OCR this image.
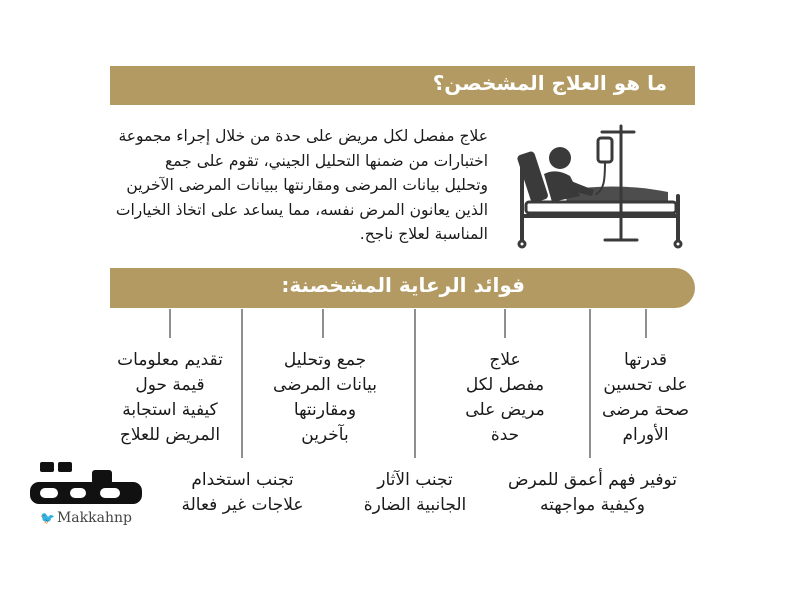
ما هو العلاج المشخصن؟
علاج مفصل لكل مريض على حدة من خلال إجراء مجموعة
اختبارات من ضمنها التحليل الجيني، تقوم على جمع
وتحليل بيانات المرضى ومقارنتها ببيانات المرضى الآخرين
الذين يعانون المرض نفسه، مما يساعد على اتخاذ الخيارات
المناسبة لعلاج ناجح.
فوائد الرعاية المشخصنة:
قدرتها
على تحسين
صحة مرضى
الأورام
علاج
مفصل لكل
مريض على
حدة
جمع وتحليل
بيانات المرضى
ومقارنتها
بآخرين
تقديم معلومات
قيمة حول
كيفية استجابة
المريض للعلاج
توفير فهم أعمق للمرض
وكيفية مواجهته
تجنب الآثار
الجانبية الضارة
تجنب استخدام
علاجات غير فعالة
🐦 Makkahnp
